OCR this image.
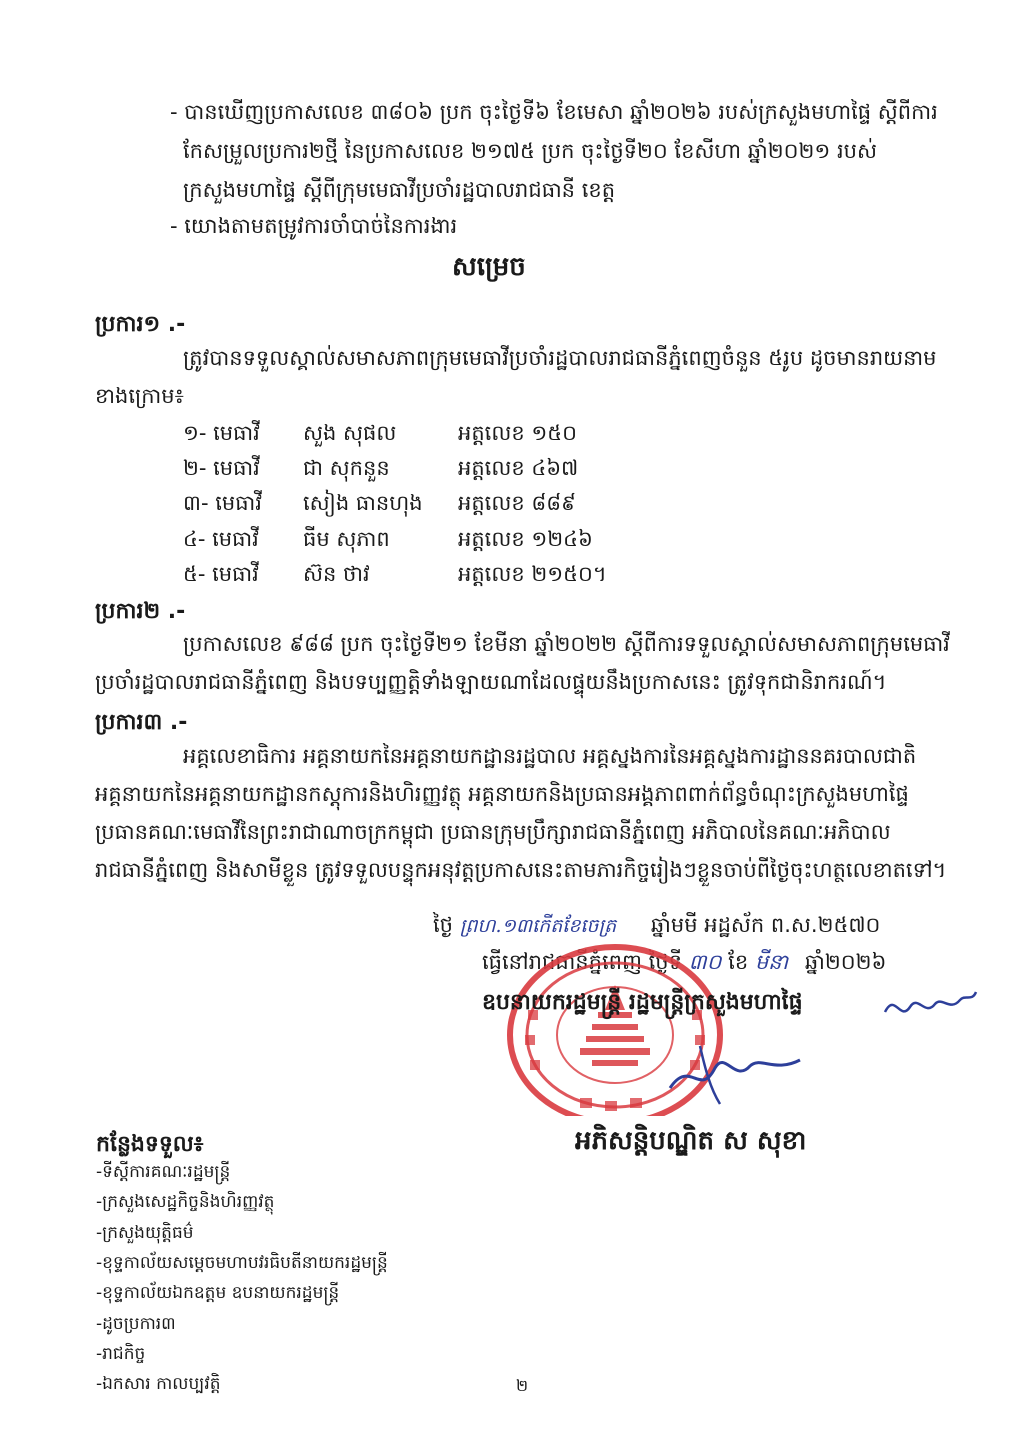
- បានឃើញប្រកាសលេខ ៣៨០៦ ប្រក ចុះថ្ងៃទី៦ ខែមេសា ឆ្នាំ២០២៦ របស់ក្រសួងមហាផ្ទៃ ស្តីពីការ
កែសម្រួលប្រការ២ថ្មី នៃប្រកាសលេខ ២១៧៥ ប្រក ចុះថ្ងៃទី២០ ខែសីហា ឆ្នាំ២០២១ របស់
ក្រសួងមហាផ្ទៃ ស្តីពីក្រុមមេធាវីប្រចាំរដ្ឋបាលរាជធានី ខេត្ត
- យោងតាមតម្រូវការចាំបាច់នៃការងារ
សម្រេច
ប្រការ១ .-
ត្រូវបានទទួលស្គាល់សមាសភាពក្រុមមេធាវីប្រចាំរដ្ឋបាលរាជធានីភ្នំពេញចំនួន ៥រូប ដូចមានរាយនាម
ខាងក្រោម៖
១- មេធាវី សួង សុផល	អត្តលេខ ១៥០
២- មេធាវី ជា សុកនួន	អត្តលេខ ៤៦៧
៣- មេធាវី សៀង ធានហុង អត្តលេខ ៨៨៩
៤- មេធាវី ធីម សុភាព	អត្តលេខ ១២៤៦
៥- មេធាវី ស៊ន ថាវ	អត្តលេខ ២១៥០។
ប្រការ២ .-
ប្រកាសលេខ ៩៨៨ ប្រក ចុះថ្ងៃទី២១ ខែមីនា ឆ្នាំ២០២២ ស្តីពីការទទួលស្គាល់សមាសភាពក្រុមមេធាវី
ប្រចាំរដ្ឋបាលរាជធានីភ្នំពេញ និងបទប្បញ្ញត្តិទាំងឡាយណាដែលផ្ទុយនឹងប្រកាសនេះ ត្រូវទុកជានិរាករណ៍។
ប្រការ៣ .-
អគ្គលេខាធិការ អគ្គនាយកនៃអគ្គនាយកដ្ឋានរដ្ឋបាល អគ្គស្នងការនៃអគ្គស្នងការដ្ឋាននគរបាលជាតិ
អគ្គនាយកនៃអគ្គនាយកដ្ឋានកស្តុការនិងហិរញ្ញវត្ថុ អគ្គនាយកនិងប្រធានអង្គភាពពាក់ព័ន្ធចំណុះក្រសួងមហាផ្ទៃ
ប្រធានគណៈមេធាវីនៃព្រះរាជាណាចក្រកម្ពុជា ប្រធានក្រុមប្រឹក្សារាជធានីភ្នំពេញ អភិបាលនៃគណៈអភិបាល
រាជធានីភ្នំពេញ និងសាមីខ្លួន ត្រូវទទួលបន្ទុកអនុវត្តប្រកាសនេះតាមភារកិច្ចរៀងៗខ្លួនចាប់ពីថ្ងៃចុះហត្ថលេខាតទៅ។
ថ្ងៃ ព្រហ.១៣កើតខែចេត្រ ឆ្នាំមមី អដ្ឋស័ក ព.ស.២៥៧០
ធ្វើនៅរាជធានីភ្នំពេញ ថ្ងៃទី ៣០ ខែ មីនា ឆ្នាំ២០២៦
ឧបនាយករដ្ឋមន្ត្រី រដ្ឋមន្ត្រីក្រសួងមហាផ្ទៃ
អភិសន្តិបណ្ឌិត ស សុខា
កន្លែងទទួល៖
-ទីស្តីការគណៈរដ្ឋមន្ត្រី
-ក្រសួងសេដ្ឋកិច្ចនិងហិរញ្ញវត្ថុ
-ក្រសួងយុត្តិធម៌
-ខុទ្ទកាល័យសម្តេចមហាបវរធិបតីនាយករដ្ឋមន្ត្រី
-ខុទ្ទកាល័យឯកឧត្តម ឧបនាយករដ្ឋមន្ត្រី
-ដូចប្រការ៣
-រាជកិច្ច
-ឯកសារ កាលប្បវត្តិ	២
